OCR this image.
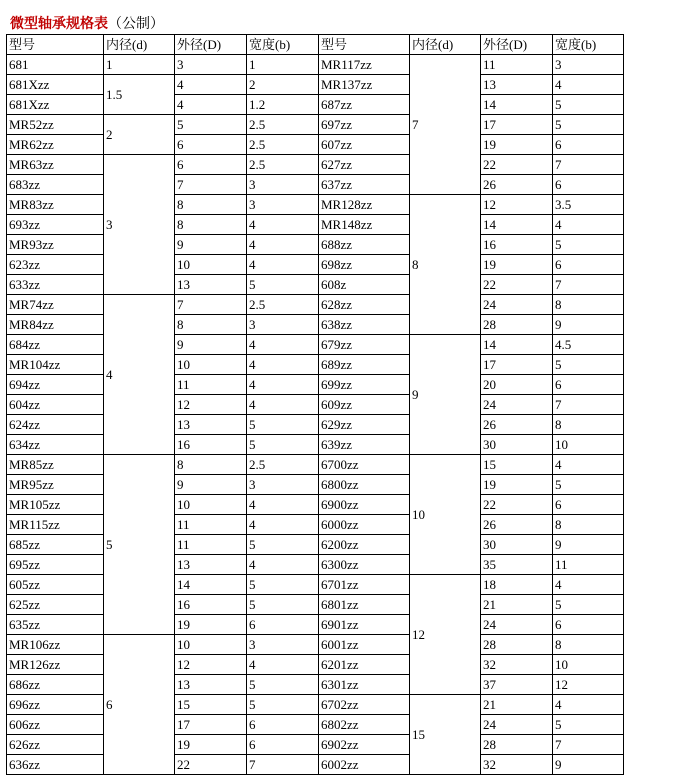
微型轴承规格表（公制）
型号	内径(d)	外径(D)	宽度(b)	型号	内径(d)	外径(D)	宽度(b)
681	1	3	1	MR117zz	7	11	3
681Xzz	1.5	4	2	MR137zz		13	4
681Xzz		4	1.2	687zz		14	5
MR52zz	2	5	2.5	697zz		17	5
MR62zz		6	2.5	607zz		19	6
MR63zz	3	6	2.5	627zz		22	7
683zz		7	3	637zz		26	6
MR83zz		8	3	MR128zz	8	12	3.5
693zz		8	4	MR148zz		14	4
MR93zz		9	4	688zz		16	5
623zz		10	4	698zz		19	6
633zz		13	5	608z		22	7
MR74zz	4	7	2.5	628zz		24	8
MR84zz		8	3	638zz		28	9
684zz		9	4	679zz	9	14	4.5
MR104zz		10	4	689zz		17	5
694zz		11	4	699zz		20	6
604zz		12	4	609zz		24	7
624zz		13	5	629zz		26	8
634zz		16	5	639zz		30	10
MR85zz	5	8	2.5	6700zz	10	15	4
MR95zz		9	3	6800zz		19	5
MR105zz		10	4	6900zz		22	6
MR115zz		11	4	6000zz		26	8
685zz		11	5	6200zz		30	9
695zz		13	4	6300zz		35	11
605zz		14	5	6701zz	12	18	4
625zz		16	5	6801zz		21	5
635zz		19	6	6901zz		24	6
MR106zz	6	10	3	6001zz		28	8
MR126zz		12	4	6201zz		32	10
686zz		13	5	6301zz		37	12
696zz		15	5	6702zz	15	21	4
606zz		17	6	6802zz		24	5
626zz		19	6	6902zz		28	7
636zz		22	7	6002zz		32	9
